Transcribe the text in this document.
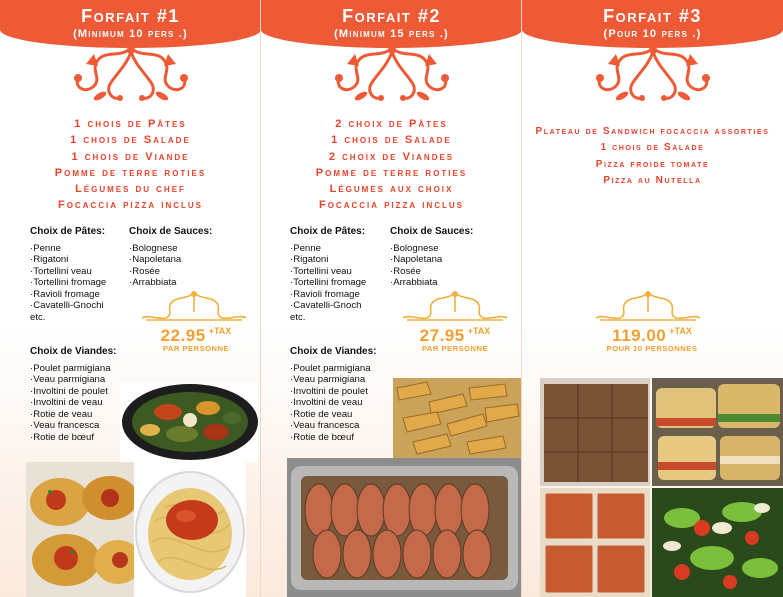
Forfait #1
(Minimum 10 pers .)
1 chois de Pâtes
1 chois de Salade
1 chois de Viande
Pomme de terre roties
Légumes du chef
Focaccia pizza inclus
Choix de Pâtes:
·Penne
·Rigatoni
·Tortellini veau
·Tortellini fromage
·Ravioli fromage
·Cavatelli-Gnochi
etc.
Choix de Sauces:
·Bolognese
·Napoletana
·Rosée
·Arrabbiata
22.95 $^{+TAX}$
PAR PERSONNE
Choix de Viandes:
·Poulet parmigiana
·Veau parmigiana
·Involtini de poulet
·Involtini de veau
·Rotie de veau
·Veau francesca
·Rotie de bœuf
Forfait #2
(Minimum 15 pers .)
2 choix de Pâtes
1 chois de Salade
2 choix de Viandes
Pomme de terre roties
Légumes aux choix
Focaccia pizza inclus
Choix de Pâtes:
·Penne
·Rigatoni
·Tortellini veau
·Tortellini fromage
·Ravioli fromage
·Cavatelli-Gnoch
etc.
Choix de Sauces:
·Bolognese
·Napoletana
·Rosée
·Arrabbiata
27.95 $^{+TAX}$
PAR PERSONNE
Choix de Viandes:
·Poulet parmigiana
·Veau parmigiana
·Involtini de poulet
·Involtini de veau
·Rotie de veau
·Veau francesca
·Rotie de bœuf
Forfait #3
(Pour 10 pers .)
Plateau de Sandwich focaccia assorties
1 chois de Salade
Pizza froide tomate
Pizza au Nutella
119.00 $^{+TAX}$
POUR 10 PERSONNES
